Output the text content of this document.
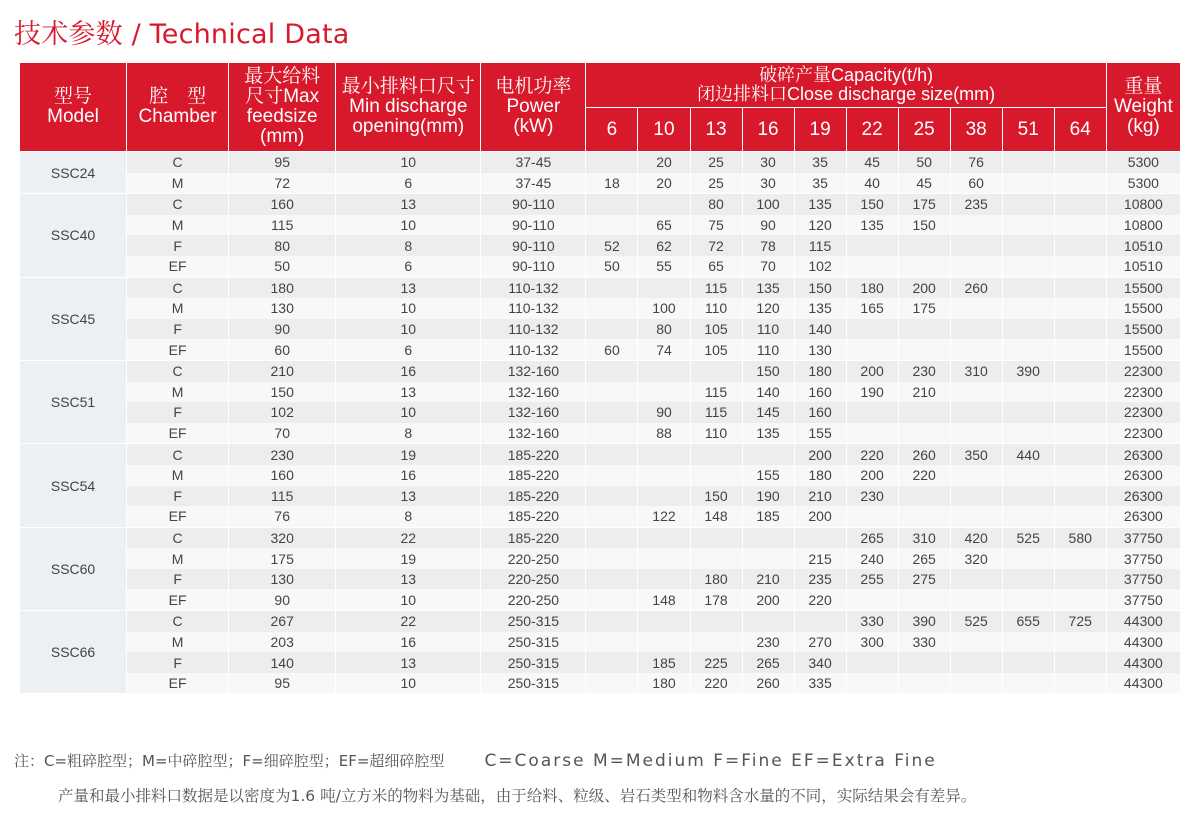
技术参数 / Technical Data
型号
Model	腔　型
Chamber	最大给料
尺寸Max
feedsize
(mm)	最小排料口尺寸
Min discharge
opening(mm)	电机功率
Power
(kW)	破碎产量Capacity(t/h)
闭边排料口Close discharge size(mm)										重量
Weight
(kg)

					6	10	13	16	19	22	25	38	51	64	
SSC24	C	95	10	37-45		20	25	30	35	45	50	76			5300
	M	72	6	37-45	18	20	25	30	35	40	45	60			5300
SSC40	C	160	13	90-110			80	100	135	150	175	235			10800
	M	115	10	90-110		65	75	90	120	135	150				10800
	F	80	8	90-110	52	62	72	78	115						10510
	EF	50	6	90-110	50	55	65	70	102						10510
SSC45	C	180	13	110-132			115	135	150	180	200	260			15500
	M	130	10	110-132		100	110	120	135	165	175				15500
	F	90	10	110-132		80	105	110	140						15500
	EF	60	6	110-132	60	74	105	110	130						15500
SSC51	C	210	16	132-160				150	180	200	230	310	390		22300
	M	150	13	132-160			115	140	160	190	210				22300
	F	102	10	132-160		90	115	145	160						22300
	EF	70	8	132-160		88	110	135	155						22300
SSC54	C	230	19	185-220					200	220	260	350	440		26300
	M	160	16	185-220				155	180	200	220				26300
	F	115	13	185-220			150	190	210	230					26300
	EF	76	8	185-220		122	148	185	200						26300
SSC60	C	320	22	185-220						265	310	420	525	580	37750
	M	175	19	220-250					215	240	265	320			37750
	F	130	13	220-250			180	210	235	255	275				37750
	EF	90	10	220-250		148	178	200	220						37750
SSC66	C	267	22	250-315						330	390	525	655	725	44300
	M	203	16	250-315				230	270	300	330				44300
	F	140	13	250-315		185	225	265	340						44300
	EF	95	10	250-315		180	220	260	335						44300
注：C=粗碎腔型；M=中碎腔型；F=细碎腔型；EF=超细碎腔型 C=Coarse M=Medium F=Fine EF=Extra Fine
产量和最小排料口数据是以密度为1.6 吨/立方米的物料为基础，由于给料、粒级、岩石类型和物料含水量的不同，实际结果会有差异。
